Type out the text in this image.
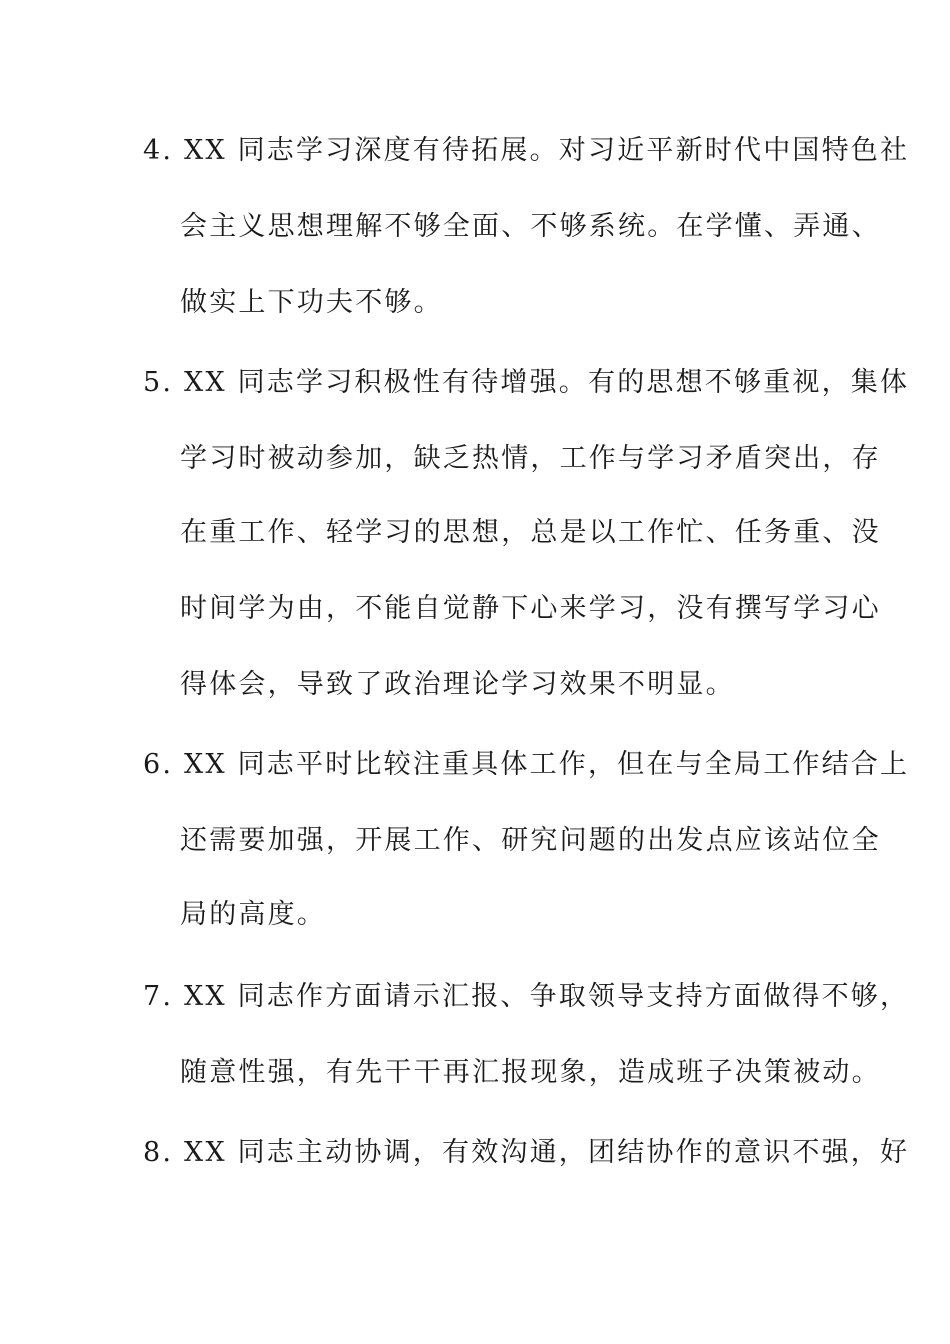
4. XX 同志学习深度有待拓展。对习近平新时代中国特色社
会主义思想理解不够全面、不够系统。在学懂、弄通、
做实上下功夫不够。
5. XX 同志学习积极性有待增强。有的思想不够重视，集体
学习时被动参加，缺乏热情，工作与学习矛盾突出，存
在重工作、轻学习的思想，总是以工作忙、任务重、没
时间学为由，不能自觉静下心来学习，没有撰写学习心
得体会，导致了政治理论学习效果不明显。
6. XX 同志平时比较注重具体工作，但在与全局工作结合上
还需要加强，开展工作、研究问题的出发点应该站位全
局的高度。
7. XX 同志作方面请示汇报、争取领导支持方面做得不够，
随意性强，有先干干再汇报现象，造成班子决策被动。
8. XX 同志主动协调，有效沟通，团结协作的意识不强，好
